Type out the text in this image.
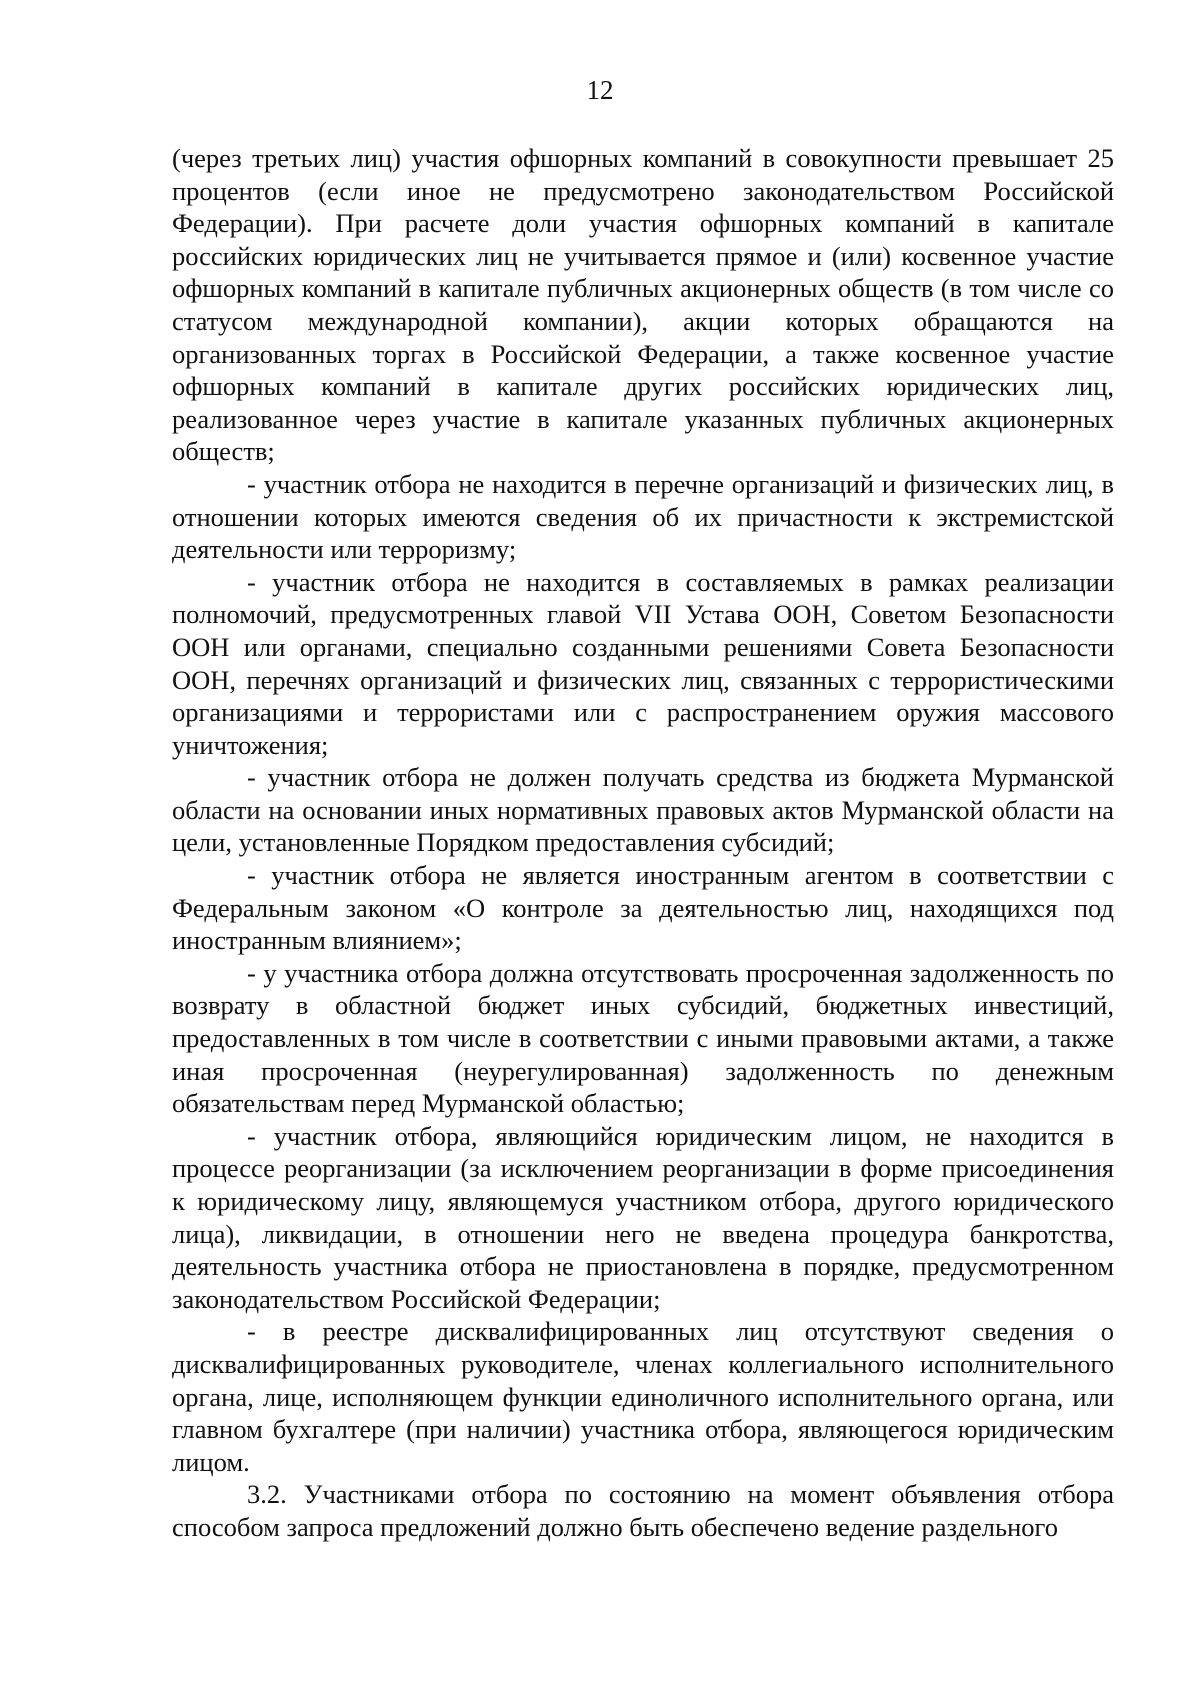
12

(через третьих лиц) участия офшорных компаний в совокупности превышает 25 процентов (если иное не предусмотрено законодательством Российской Федерации). При расчете доли участия офшорных компаний в капитале российских юридических лиц не учитывается прямое и (или) косвенное участие офшорных компаний в капитале публичных акционерных обществ (в том числе со статусом международной компании), акции которых обращаются на организованных торгах в Российской Федерации, а также косвенное участие офшорных компаний в капитале других российских юридических лиц, реализованное через участие в капитале указанных публичных акционерных обществ;

- участник отбора не находится в перечне организаций и физических лиц, в отношении которых имеются сведения об их причастности к экстремистской деятельности или терроризму;

- участник отбора не находится в составляемых в рамках реализации полномочий, предусмотренных главой VII Устава ООН, Советом Безопасности ООН или органами, специально созданными решениями Совета Безопасности ООН, перечнях организаций и физических лиц, связанных с террористическими организациями и террористами или с распространением оружия массового уничтожения;

- участник отбора не должен получать средства из бюджета Мурманской области на основании иных нормативных правовых актов Мурманской области на цели, установленные Порядком предоставления субсидий;

- участник отбора не является иностранным агентом в соответствии с Федеральным законом «О контроле за деятельностью лиц, находящихся под иностранным влиянием»;

- у участника отбора должна отсутствовать просроченная задолженность по возврату в областной бюджет иных субсидий, бюджетных инвестиций, предоставленных в том числе в соответствии с иными правовыми актами, а также иная просроченная (неурегулированная) задолженность по денежным обязательствам перед Мурманской областью;

- участник отбора, являющийся юридическим лицом, не находится в процессе реорганизации (за исключением реорганизации в форме присоединения к юридическому лицу, являющемуся участником отбора, другого юридического лица), ликвидации, в отношении него не введена процедура банкротства, деятельность участника отбора не приостановлена в порядке, предусмотренном законодательством Российской Федерации;

- в реестре дисквалифицированных лиц отсутствуют сведения о дисквалифицированных руководителе, членах коллегиального исполнительного органа, лице, исполняющем функции единоличного исполнительного органа, или главном бухгалтере (при наличии) участника отбора, являющегося юридическим лицом.

3.2. Участниками отбора по состоянию на момент объявления отбора способом запроса предложений должно быть обеспечено ведение раздельного
